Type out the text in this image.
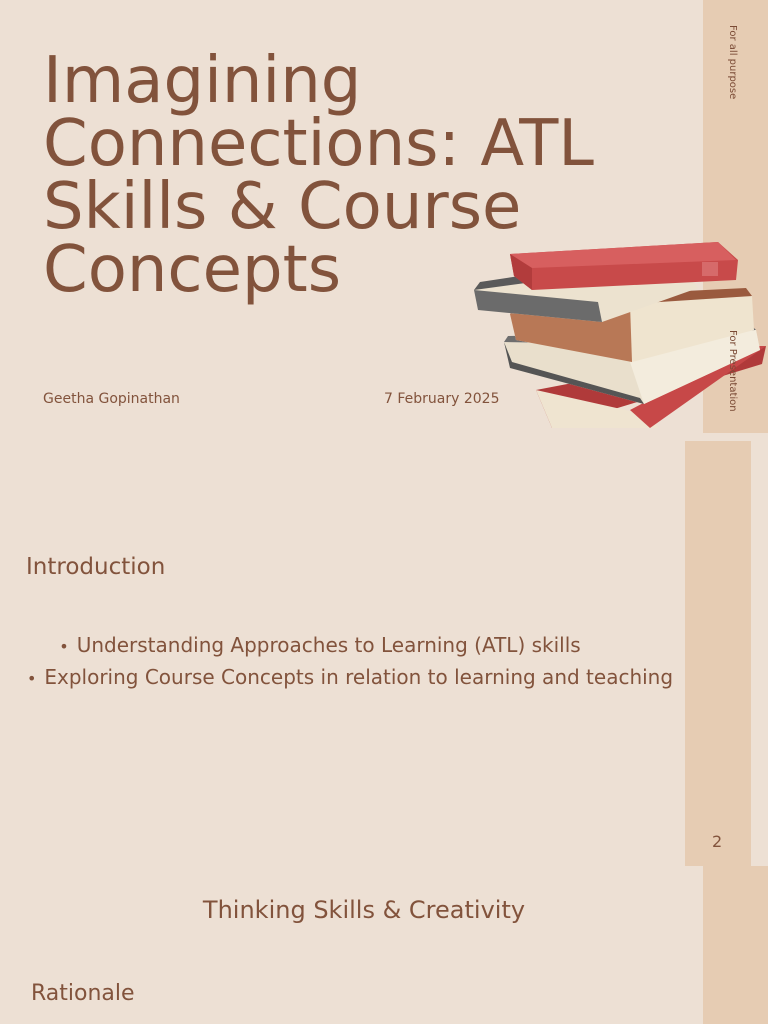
For all purpose
Imagining Connections: ATL Skills & Course Concepts
Geetha Gopinathan	7 February 2025	For Presentation
Introduction
• Understanding Approaches to Learning (ATL) skills
• Exploring Course Concepts in relation to learning and teaching
2
Thinking Skills & Creativity
Rationale
